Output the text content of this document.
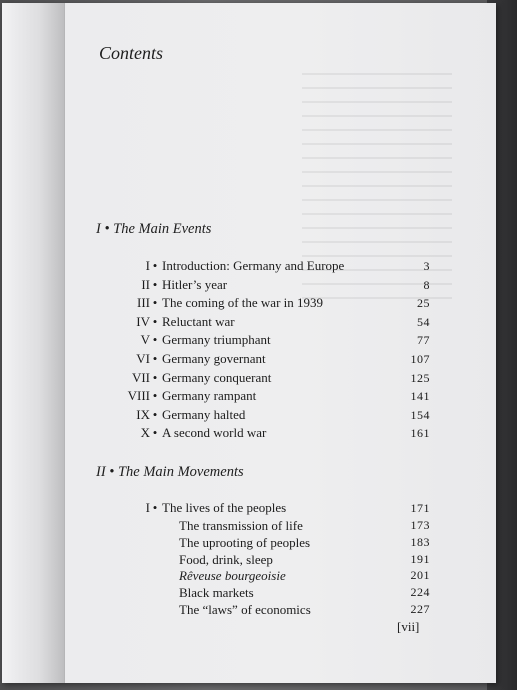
Contents
I • The Main Events
I • Introduction: Germany and Europe	3
II • Hitler’s year	8
III • The coming of the war in 1939	25
IV • Reluctant war	54
V • Germany triumphant	77
VI • Germany governant	107
VII • Germany conquerant	125
VIII • Germany rampant	141
IX • Germany halted	154
X • A second world war	161
II • The Main Movements
I • The lives of the peoples	171
The transmission of life	173
The uprooting of peoples	183
Food, drink, sleep	191
Rêveuse bourgeoisie	201
Black markets	224
The “laws” of economics	227
[vii]
